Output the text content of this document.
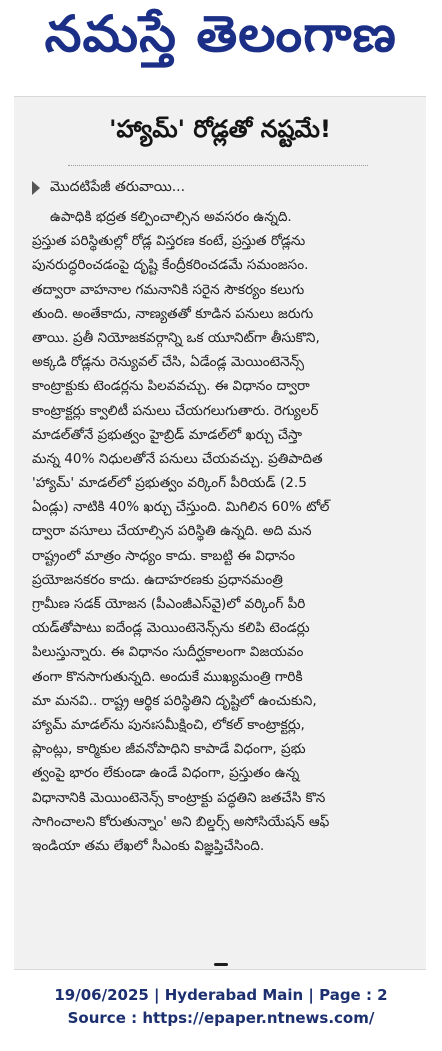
నమస్తే తెలంగాణ
'హ్యామ్' రోడ్లతో నష్టమే!
మొదటిపేజీ తరువాయి...
ఉపాధికి భద్రత కల్పించాల్సిన అవసరం ఉన్నది.
ప్రస్తుత పరిస్థితుల్లో రోడ్ల విస్తరణ కంటే, ప్రస్తుత రోడ్లను
పునరుద్ధరించడంపై దృష్టి కేంద్రీకరించడమే సమంజసం.
తద్వారా వాహనాల గమనానికి సరైన సౌకర్యం కలుగు
తుంది. అంతేకాదు, నాణ్యతతో కూడిన పనులు జరుగు
తాయి. ప్రతీ నియోజకవర్గాన్ని ఒక యూనిట్‌గా తీసుకొని,
అక్కడి రోడ్లను రెన్యువల్ చేసి, ఏడేండ్ల మెయింటెనెన్స్
కాంట్రాక్టుకు టెండర్లను పిలవవచ్చు. ఈ విధానం ద్వారా
కాంట్రాక్టర్లు క్వాలిటీ పనులు చేయగలుగుతారు. రెగ్యులర్
మాడల్‌తోనే ప్రభుత్వం హైబ్రిడ్ మాడల్‌లో ఖర్చు చేస్తా
మన్న 40% నిధులతోనే పనులు చేయవచ్చు. ప్రతిపాదిత
'హ్యామ్' మాడల్‌లో ప్రభుత్వం వర్కింగ్ పీరియడ్ (2.5
ఏండ్లు) నాటికి 40% ఖర్చు చేస్తుంది. మిగిలిన 60% టోల్
ద్వారా వసూలు చేయాల్సిన పరిస్థితి ఉన్నది. అది మన
రాష్ట్రంలో మాత్రం సాధ్యం కాదు. కాబట్టి ఈ విధానం
ప్రయోజనకరం కాదు. ఉదాహరణకు ప్రధానమంత్రి
గ్రామీణ సడక్ యోజన (పీఎంజీఎస్‌వై)లో వర్కింగ్ పీరి
యడ్‌తోపాటు ఐదేండ్ల మెయింటెనెన్స్‌ను కలిపి టెండర్లు
పిలుస్తున్నారు. ఈ విధానం సుదీర్ఘకాలంగా విజయవం
తంగా కొనసాగుతున్నది. అందుకే ముఖ్యమంత్రి గారికి
మా మనవి.. రాష్ట్ర ఆర్థిక పరిస్థితిని దృష్టిలో ఉంచుకుని,
హ్యామ్ మాడల్‌ను పునఃసమీక్షించి, లోకల్ కాంట్రాక్టర్లు,
ప్లాంట్లు, కార్మికుల జీవనోపాధిని కాపాడే విధంగా, ప్రభు
త్వంపై భారం లేకుండా ఉండే విధంగా, ప్రస్తుతం ఉన్న
విధానానికి మెయింటెనెన్స్ కాంట్రాక్టు పద్ధతిని జతచేసి కొన
సాగించాలని కోరుతున్నాం' అని బిల్డర్స్ అసోసియేషన్ ఆఫ్
ఇండియా తమ లేఖలో సీఎంకు విజ్ఞప్తిచేసింది.
19/06/2025 | Hyderabad Main | Page : 2
Source : https://epaper.ntnews.com/
